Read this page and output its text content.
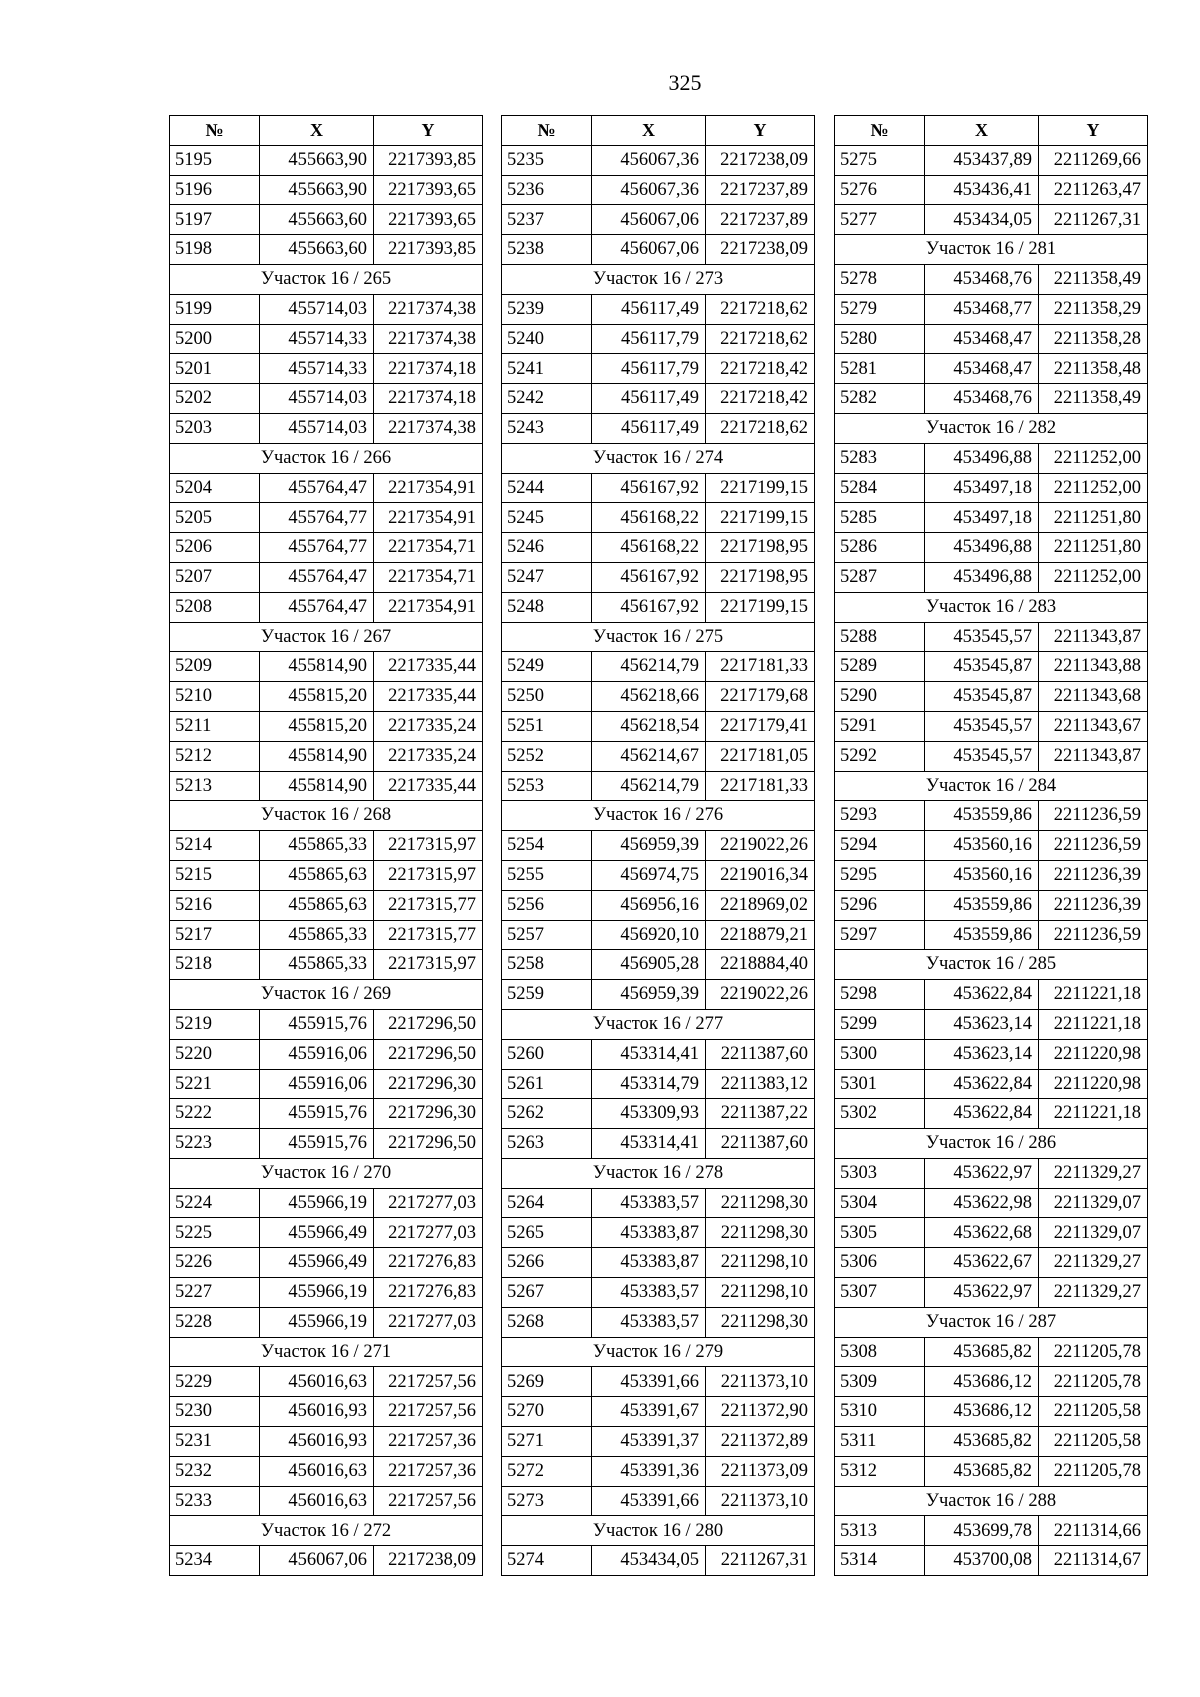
325
№	X	Y
5195	455663,90	2217393,85
5196	455663,90	2217393,65
5197	455663,60	2217393,65
5198	455663,60	2217393,85
Участок 16 / 265		
5199	455714,03	2217374,38
5200	455714,33	2217374,38
5201	455714,33	2217374,18
5202	455714,03	2217374,18
5203	455714,03	2217374,38
Участок 16 / 266		
5204	455764,47	2217354,91
5205	455764,77	2217354,91
5206	455764,77	2217354,71
5207	455764,47	2217354,71
5208	455764,47	2217354,91
Участок 16 / 267		
5209	455814,90	2217335,44
5210	455815,20	2217335,44
5211	455815,20	2217335,24
5212	455814,90	2217335,24
5213	455814,90	2217335,44
Участок 16 / 268		
5214	455865,33	2217315,97
5215	455865,63	2217315,97
5216	455865,63	2217315,77
5217	455865,33	2217315,77
5218	455865,33	2217315,97
Участок 16 / 269		
5219	455915,76	2217296,50
5220	455916,06	2217296,50
5221	455916,06	2217296,30
5222	455915,76	2217296,30
5223	455915,76	2217296,50
Участок 16 / 270		
5224	455966,19	2217277,03
5225	455966,49	2217277,03
5226	455966,49	2217276,83
5227	455966,19	2217276,83
5228	455966,19	2217277,03
Участок 16 / 271		
5229	456016,63	2217257,56
5230	456016,93	2217257,56
5231	456016,93	2217257,36
5232	456016,63	2217257,36
5233	456016,63	2217257,56
Участок 16 / 272		
5234	456067,06	2217238,09
№	X	Y
5235	456067,36	2217238,09
5236	456067,36	2217237,89
5237	456067,06	2217237,89
5238	456067,06	2217238,09
Участок 16 / 273		
5239	456117,49	2217218,62
5240	456117,79	2217218,62
5241	456117,79	2217218,42
5242	456117,49	2217218,42
5243	456117,49	2217218,62
Участок 16 / 274		
5244	456167,92	2217199,15
5245	456168,22	2217199,15
5246	456168,22	2217198,95
5247	456167,92	2217198,95
5248	456167,92	2217199,15
Участок 16 / 275		
5249	456214,79	2217181,33
5250	456218,66	2217179,68
5251	456218,54	2217179,41
5252	456214,67	2217181,05
5253	456214,79	2217181,33
Участок 16 / 276		
5254	456959,39	2219022,26
5255	456974,75	2219016,34
5256	456956,16	2218969,02
5257	456920,10	2218879,21
5258	456905,28	2218884,40
5259	456959,39	2219022,26
Участок 16 / 277		
5260	453314,41	2211387,60
5261	453314,79	2211383,12
5262	453309,93	2211387,22
5263	453314,41	2211387,60
Участок 16 / 278		
5264	453383,57	2211298,30
5265	453383,87	2211298,30
5266	453383,87	2211298,10
5267	453383,57	2211298,10
5268	453383,57	2211298,30
Участок 16 / 279		
5269	453391,66	2211373,10
5270	453391,67	2211372,90
5271	453391,37	2211372,89
5272	453391,36	2211373,09
5273	453391,66	2211373,10
Участок 16 / 280		
5274	453434,05	2211267,31
№	X	Y
5275	453437,89	2211269,66
5276	453436,41	2211263,47
5277	453434,05	2211267,31
Участок 16 / 281		
5278	453468,76	2211358,49
5279	453468,77	2211358,29
5280	453468,47	2211358,28
5281	453468,47	2211358,48
5282	453468,76	2211358,49
Участок 16 / 282		
5283	453496,88	2211252,00
5284	453497,18	2211252,00
5285	453497,18	2211251,80
5286	453496,88	2211251,80
5287	453496,88	2211252,00
Участок 16 / 283		
5288	453545,57	2211343,87
5289	453545,87	2211343,88
5290	453545,87	2211343,68
5291	453545,57	2211343,67
5292	453545,57	2211343,87
Участок 16 / 284		
5293	453559,86	2211236,59
5294	453560,16	2211236,59
5295	453560,16	2211236,39
5296	453559,86	2211236,39
5297	453559,86	2211236,59
Участок 16 / 285		
5298	453622,84	2211221,18
5299	453623,14	2211221,18
5300	453623,14	2211220,98
5301	453622,84	2211220,98
5302	453622,84	2211221,18
Участок 16 / 286		
5303	453622,97	2211329,27
5304	453622,98	2211329,07
5305	453622,68	2211329,07
5306	453622,67	2211329,27
5307	453622,97	2211329,27
Участок 16 / 287		
5308	453685,82	2211205,78
5309	453686,12	2211205,78
5310	453686,12	2211205,58
5311	453685,82	2211205,58
5312	453685,82	2211205,78
Участок 16 / 288		
5313	453699,78	2211314,66
5314	453700,08	2211314,67
